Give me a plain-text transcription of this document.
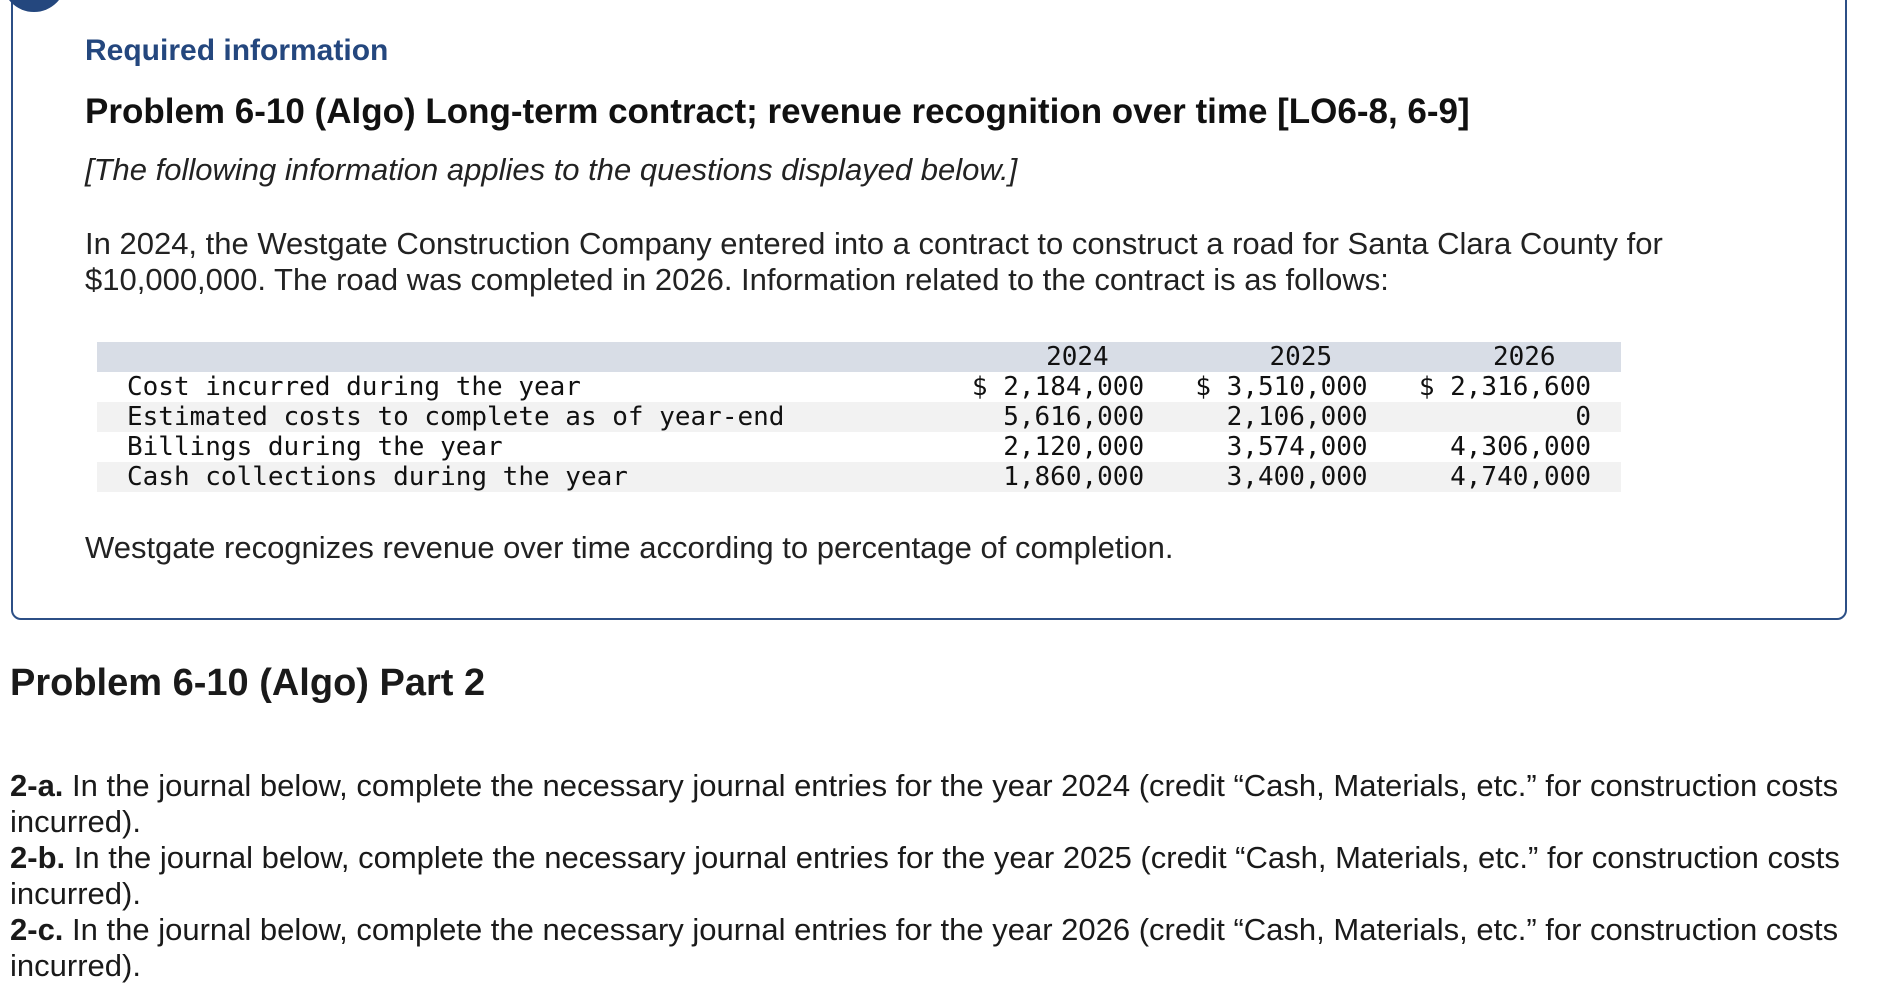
Required information
Problem 6-10 (Algo) Long-term contract; revenue recognition over time [LO6-8, 6-9]
[The following information applies to the questions displayed below.]
In 2024, the Westgate Construction Company entered into a contract to construct a road for Santa Clara County for $10,000,000. The road was completed in 2026. Information related to the contract is as follows:
	2024	2025	2026
Cost incurred during the year	$ 2,184,000	$ 3,510,000	$ 2,316,600
Estimated costs to complete as of year-end	5,616,000	2,106,000	0
Billings during the year	2,120,000	3,574,000	4,306,000
Cash collections during the year	1,860,000	3,400,000	4,740,000
Westgate recognizes revenue over time according to percentage of completion.
Problem 6-10 (Algo) Part 2

2-a. In the journal below, complete the necessary journal entries for the year 2024 (credit “Cash, Materials, etc.” for construction costs incurred).

2-b. In the journal below, complete the necessary journal entries for the year 2025 (credit “Cash, Materials, etc.” for construction costs incurred).

2-c. In the journal below, complete the necessary journal entries for the year 2026 (credit “Cash, Materials, etc.” for construction costs incurred).
